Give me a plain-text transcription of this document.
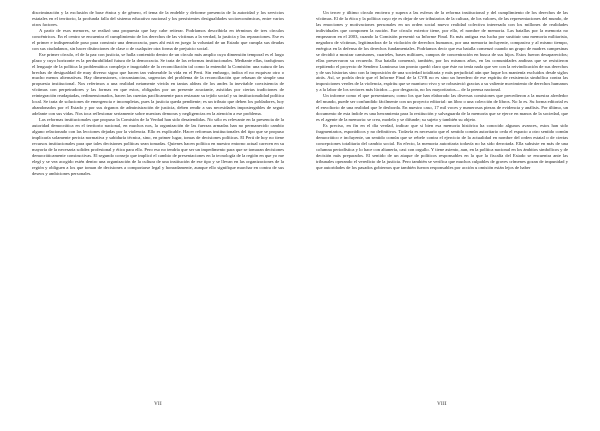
discriminación y la exclusión de base étnica y de género, el tema de la endeble y deforme presencia de la autoridad y los servicios estatales en el territorio, la profunda falla del sistema educativo nacional y los persistentes desigualdades socioeconómicas, entre varios otros factores.

A partir de esos menores, se realizó una propuesta que hay cabe reiterar. Podríamos describirla en términos de tres círculos concéntricos. En el centro se encuentra el cumplimiento de los derechos de las víctimas a la verdad, la justicia y las reparaciones. Ese es el primer e indispensable paso para construir una democracia, pues ahí está en juego la voluntad de un Estado que cumpla sus deudas con sus ciudadanos, sin hacer distinciones de clase o de cualquier otra forma de prejuicio social.

Ese primer círculo, el de la paz con justicia, se halla contenido dentro de un círculo más amplio cuya dimensión temporal es el largo plazo y cuyo horizonte es la perdurabilidad futura de la democracia. Se trata de las reformas institucionales. Mediante ellas, tradujimos el lenguaje de la política la problemática compleja e inagotable de la reconciliación tal como la entendió la Comisión: una sutura de las brechas de desigualdad de muy diverso signo que hacen tan vulnerable la vida en el Perú. Sin embargo, indica el no esquivar otro o mucho menos alternativas. Hay dimensiones, circunstancias, urgencias del problema de la reconciliación que rebasan de simple una propuesta institucional. Nos referimos a una realidad netamente vivida en tantas aldeas de los andes la inevitable coexistencia de víctimas con perpetradores y las formas en que estos, obligados por un presente acuciante, asistidas por ciertas tradiciones de reintegración readaptadas, redimensionados, hacen las cuentas pacíficamente para restaurar su tejido social y su institucionalidad política local. Se trata de soluciones de emergencia e incompletas, pues la justicia queda pendiente; es un tributo que deben los pobladores, hoy abandonados por el Estado y por sus órganos de administración de justicia, deben rendir a sus necesidades impostergables de seguir adelante con sus vidas. Nos toca reflexionar seriamente sobre nuestras demoras y negligencias en la atención a ese problema.

Las reformas institucionales que propuso la Comisión de la Verdad han sido desatendidas. No sólo es relevante en la presencia de la autoridad democrática en el territorio nacional, en muchos nos, la organización de las fuerzas armadas han no permanecido cambio alguno relacionado con las lecciones dejadas por la violencia. Ello es explicable. Hacer reformas institucionales del tipo que se propuso implicaría solamente pericia normativa y sabiduría técnica, sino, en primer lugar, tomas de decisiones políticas. El Perú de hoy no tiene recursos institucionales para que tales decisiones políticas sean tomadas. Quienes hacen política en nuestro entorno actual carecen en su mayoría de la necesaria solidez profesional y ética para ello. Pero eso no tendría que ser un impedimento para que se tomaran decisiones democráticamente constructivas. El segundo consejo que implicó el cambio de presentaciones en la tecnología de la región en que yo me elegí y se vea acogido estén dentro una organización de la cultura de una institución de ese tipo y se llevan en las organizaciones de la región y obliguen a los que toman de decisiones a comportarse legal y honradamente, aunque ello signifique marchar en contra de sus deseos y ambiciones personales.

VII

Un tercer y último círculo encierra y supera a las esferas de la reforma institucional y del cumplimiento de los derechos de las víctimas. El de la ética y la política cuyo eje es dejar de ser tributarios de la cultura, de los valores, de las representaciones del mundo, de las emociones y motivaciones personales en un orden social nuevo realidad colectiva interesada con los millones de realidades individuales que componen la nación. Ese círculo exterior tiene, por ello, el nombre de memoria. Las batallas por la memoria no empezaron en el 2003, cuando la Comisión presentó su Informe Final. Es más antigua esa lucha por sustituir una memoria militarista, negadora de víctimas, legitimadora de la violación de derechos humanos, por una memoria incluyente, compasiva y al mismo tiempo, enérgica en la defensa de los derechos fundamentales. Podríamos decir que esa batalla comenzó cuando un grupo de madres campesinas se decidió a mostrar camisones, cuarteles, bases militares, campos de concentración en busca de sus hijos. Estos fueron desaparecidos; ellas preservaron su recuerdo. Esa batalla comenzó, también, por los mismos años, en las comunidades andinas que se resistieron repitiendo el proyecto de Sendero Luminoso tan pronto quedó claro que éste no tenía nada que ver con la reivindicación de sus derechos y de sus historias sino con la imposición de una sociedad totalitaria y más perjudicial aún que luque los mantenía excluidos desde siglos atrás. Así, se podría decir que el Informe Final de la CVR no es sino un heredero de ese espíritu de resistencia simbólica contra las imposiciones verdes de la violencia, espíritu que se mantuvo vivo y se robusteció gracias a su valiente movimiento de derechos humanos y a la labor de los sectores más lúcidos —por desgracia, no los mayoritarios— de la prensa nacional.

Un informe como el que presentamos; como los que han elaborado las diversas comisiones que precedieron a la nuestra alrededor del mundo, puede ser confundido fácilmente con un proyecto editorial: un libro o una colección de libros. No lo es. Su forma editorial es el envoltorio de una realidad que le desborda. En nuestro caso, 17 mil voces y numerosas piezas de evidencia y análisis. Por último, un documento de esta índole es una herramienta para la restitución y salvaguarda de la memoria que se ejerce en manos de la sociedad, que es el agente de la memoria: se crea, modela y se difunde; su sujeto y también su objeto.

Es preciso, en fin en el día verdad, indicar que si bien esa memoria histórica ha conocido algunos avances, estos han sido fragmentarios, esporádicos y no definitivos. Todavía es necesario que el sentido común autoritario ceda el espacio a otro sentido común democrático e incluyente, un sentido común que se rebele contra el ejercicio de la actualidad en nombre del orden estatal o de ciertas concepciones totalitaria del cambio social. En efecto, la memoria autoritaria todavía no ha sido derrotada. Ella subsiste en más de una columna periodística y lo hace con altanería, casi con orgullo. Y tiene asiento, aun, en la política nacional en los ámbitos simbólicos y de decisión más preparados. El sentido de un ataque de políticos responsables en la que la fiscalía del Estado se encuentra ante las tribunales operando el veredicto de la justicia. Pero también se verifica que muchos culpables de graves crímenes gozan de impunidad y que autoridades de los pasados gobiernos que también fueron responsables por acción u omisión están lejos de haber

VIII
